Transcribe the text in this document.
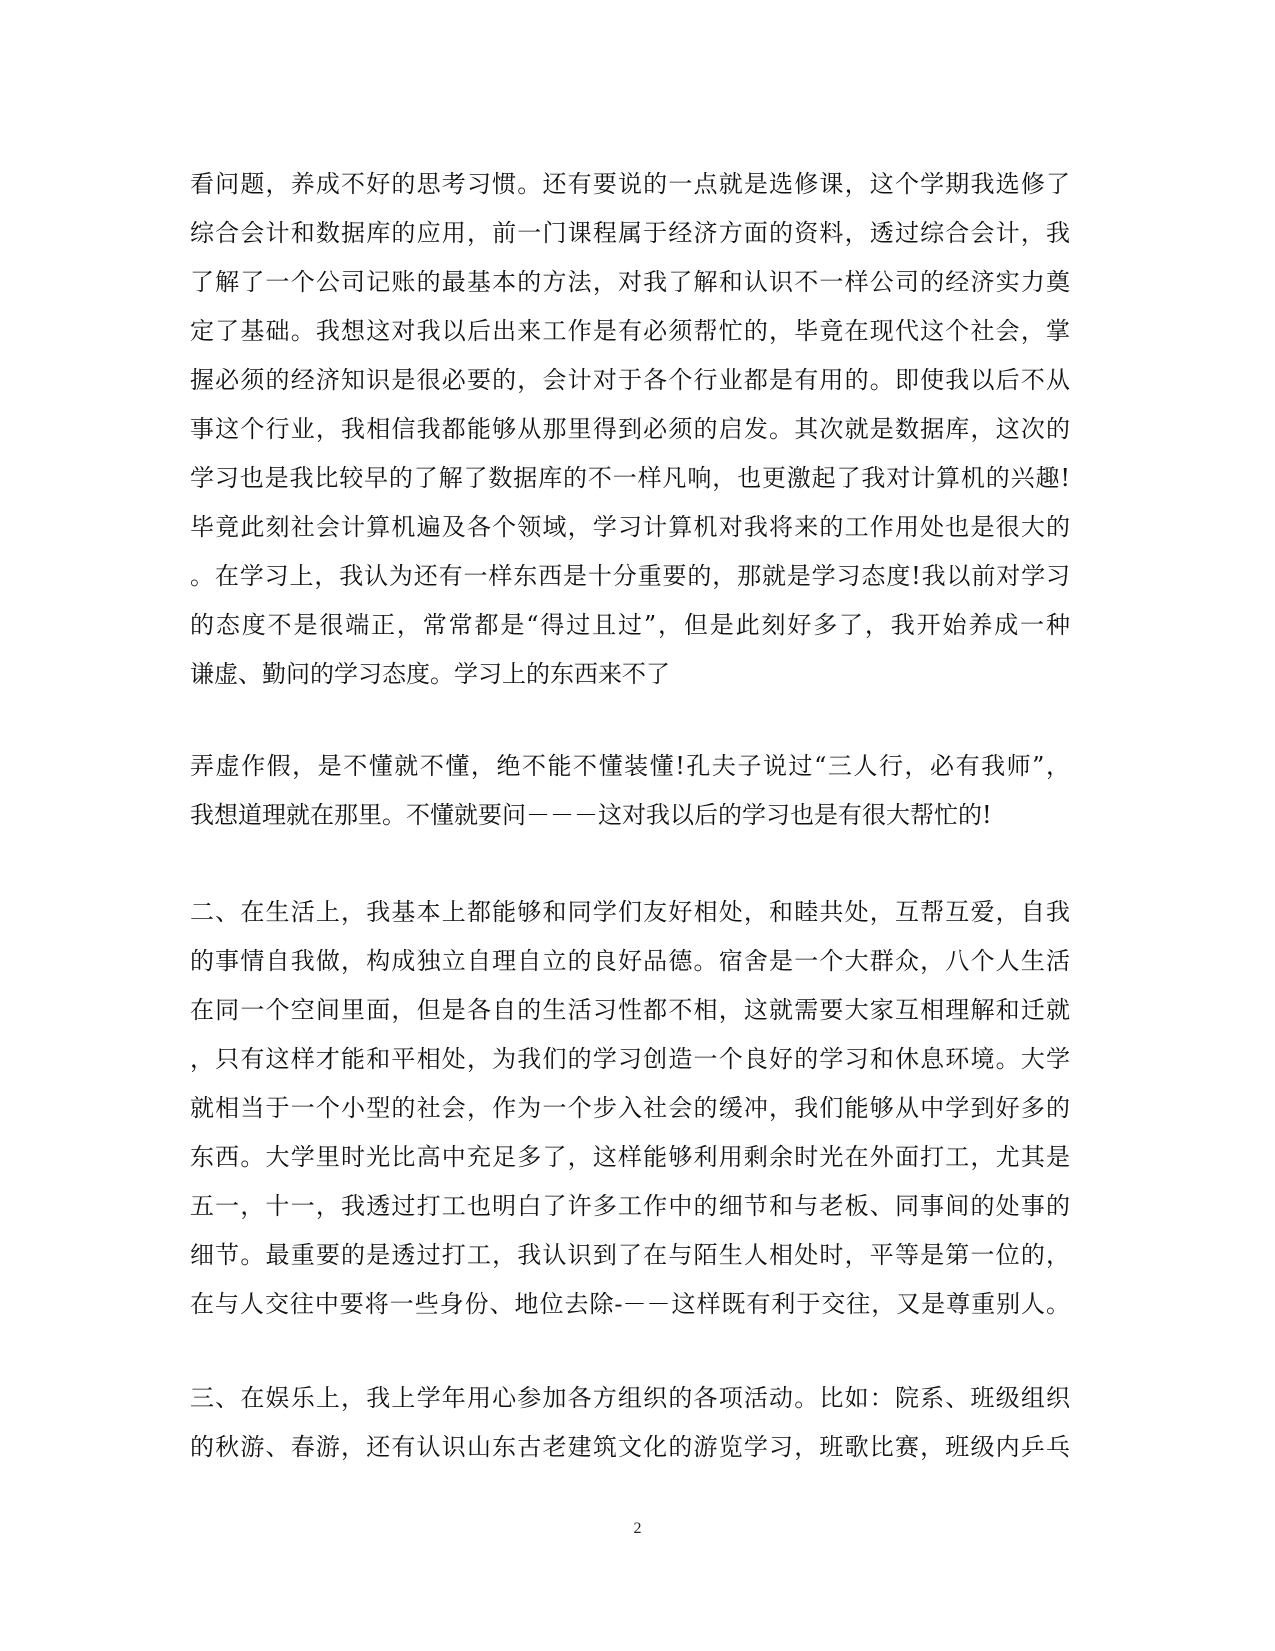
看问题，养成不好的思考习惯。还有要说的一点就是选修课，这个学期我选修了
综合会计和数据库的应用，前一门课程属于经济方面的资料，透过综合会计，我
了解了一个公司记账的最基本的方法，对我了解和认识不一样公司的经济实力奠
定了基础。我想这对我以后出来工作是有必须帮忙的，毕竟在现代这个社会，掌
握必须的经济知识是很必要的，会计对于各个行业都是有用的。即使我以后不从
事这个行业，我相信我都能够从那里得到必须的启发。其次就是数据库，这次的
学习也是我比较早的了解了数据库的不一样凡响，也更激起了我对计算机的兴趣!
毕竟此刻社会计算机遍及各个领域，学习计算机对我将来的工作用处也是很大的
。在学习上，我认为还有一样东西是十分重要的，那就是学习态度!我以前对学习
的态度不是很端正，常常都是“得过且过”，但是此刻好多了，我开始养成一种
谦虚、勤问的学习态度。学习上的东西来不了
弄虚作假，是不懂就不懂，绝不能不懂装懂!孔夫子说过“三人行，必有我师”，
我想道理就在那里。不懂就要问－－－这对我以后的学习也是有很大帮忙的!
二、在生活上，我基本上都能够和同学们友好相处，和睦共处，互帮互爱，自我
的事情自我做，构成独立自理自立的良好品德。宿舍是一个大群众，八个人生活
在同一个空间里面，但是各自的生活习性都不相，这就需要大家互相理解和迁就
，只有这样才能和平相处，为我们的学习创造一个良好的学习和休息环境。大学
就相当于一个小型的社会，作为一个步入社会的缓冲，我们能够从中学到好多的
东西。大学里时光比高中充足多了，这样能够利用剩余时光在外面打工，尤其是
五一，十一，我透过打工也明白了许多工作中的细节和与老板、同事间的处事的
细节。最重要的是透过打工，我认识到了在与陌生人相处时，平等是第一位的，
在与人交往中要将一些身份、地位去除-－－这样既有利于交往，又是尊重别人。
三、在娱乐上，我上学年用心参加各方组织的各项活动。比如：院系、班级组织
的秋游、春游，还有认识山东古老建筑文化的游览学习，班歌比赛，班级内乒乓
2
